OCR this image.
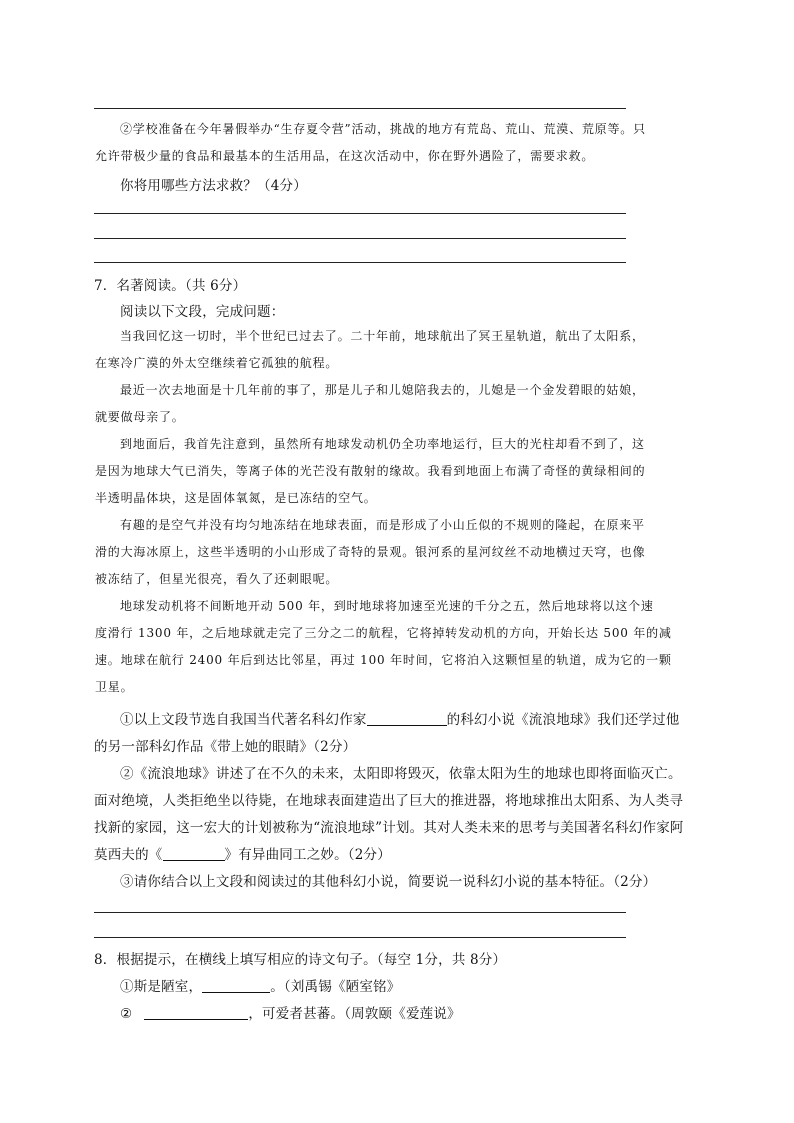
②学校准备在今年暑假举办“生存夏令营”活动，挑战的地方有荒岛、荒山、荒漠、荒原等。只
允许带极少量的食品和最基本的生活用品，在这次活动中，你在野外遇险了，需要求救。
你将用哪些方法求救？（4分）
7．名著阅读。（共 6分）
阅读以下文段，完成问题：
当我回忆这一切时，半个世纪已过去了。二十年前，地球航出了冥王星轨道，航出了太阳系，
在寒冷广漠的外太空继续着它孤独的航程。
最近一次去地面是十几年前的事了，那是儿子和儿媳陪我去的，儿媳是一个金发碧眼的姑娘，
就要做母亲了。
到地面后，我首先注意到，虽然所有地球发动机仍全功率地运行，巨大的光柱却看不到了，这
是因为地球大气已消失，等离子体的光芒没有散射的缘故。我看到地面上布满了奇怪的黄绿相间的
半透明晶体块，这是固体氧氮，是已冻结的空气。
有趣的是空气并没有均匀地冻结在地球表面，而是形成了小山丘似的不规则的隆起，在原来平
滑的大海冰原上，这些半透明的小山形成了奇特的景观。银河系的星河纹丝不动地横过天穹，也像
被冻结了，但星光很亮，看久了还刺眼呢。
地球发动机将不间断地开动 500 年，到时地球将加速至光速的千分之五，然后地球将以这个速
度滑行 1300 年，之后地球就走完了三分之二的航程，它将掉转发动机的方向，开始长达 500 年的减
速。地球在航行 2400 年后到达比邻星，再过 100 年时间，它将泊入这颗恒星的轨道，成为它的一颗
卫星。
①以上文段节选自我国当代著名科幻作家	的科幻小说《流浪地球》我们还学过他
的另一部科幻作品《带上她的眼睛》（2分）
②《流浪地球》讲述了在不久的未来，太阳即将毁灭，依靠太阳为生的地球也即将面临灭亡。
面对绝境，人类拒绝坐以待毙，在地球表面建造出了巨大的推进器，将地球推出太阳系、为人类寻
找新的家园，这一宏大的计划被称为“流浪地球”计划。其对人类未来的思考与美国著名科幻作家阿
莫西夫的《	》有异曲同工之妙。（2分）
③请你结合以上文段和阅读过的其他科幻小说，简要说一说科幻小说的基本特征。（2分）
8．根据提示，在横线上填写相应的诗文句子。（每空 1分，共 8分）
①斯是陋室，	。（刘禹锡《陋室铭》
②	，可爱者甚蕃。（周敦颐《爱莲说》
